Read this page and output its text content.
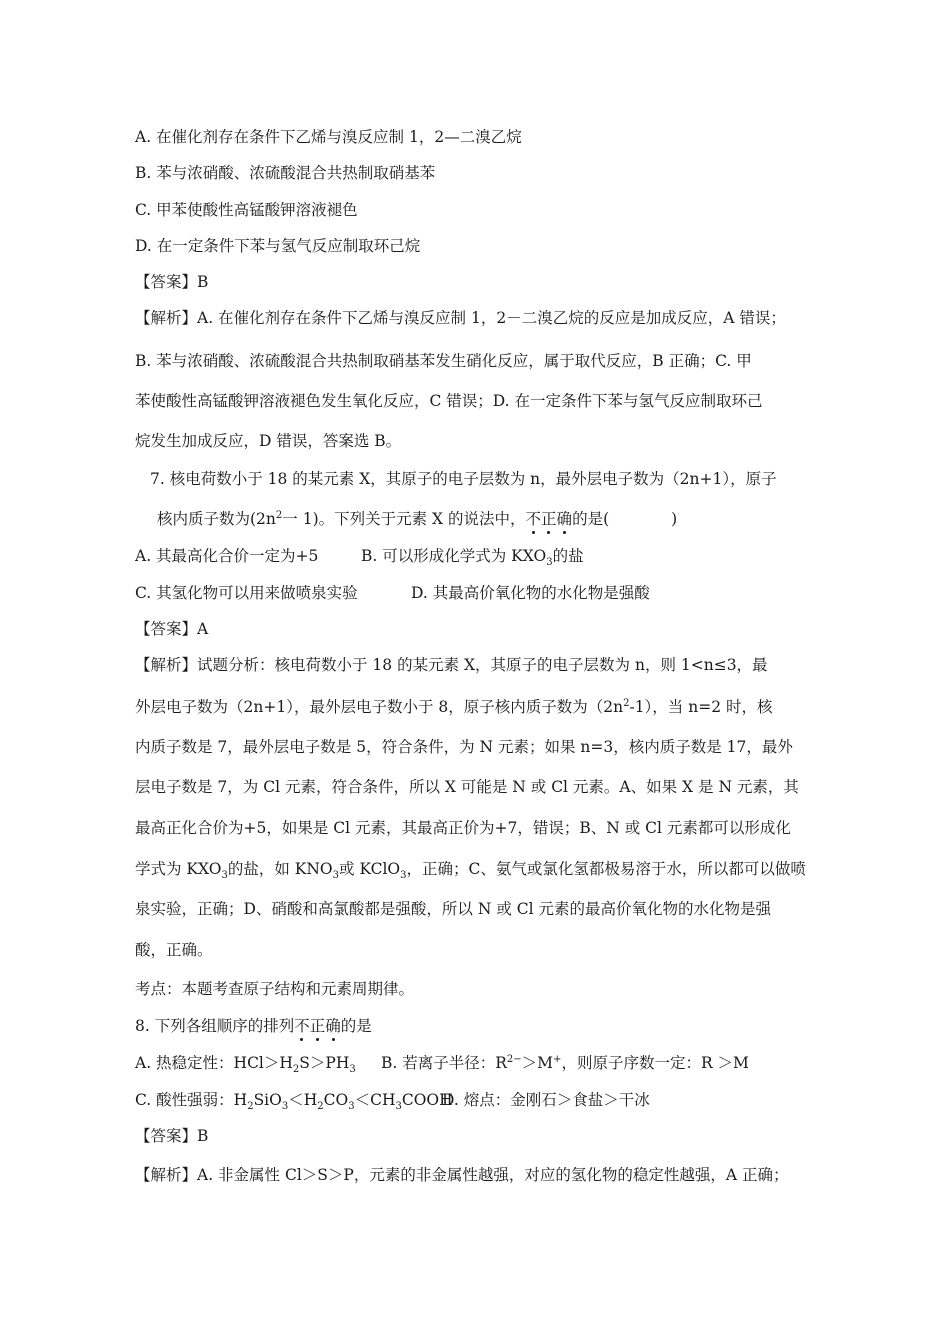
A. 在催化剂存在条件下乙烯与溴反应制 1，2—二溴乙烷
B. 苯与浓硝酸、浓硫酸混合共热制取硝基苯
C. 甲苯使酸性高锰酸钾溶液褪色
D. 在一定条件下苯与氢气反应制取环己烷
【答案】B
【解析】A. 在催化剂存在条件下乙烯与溴反应制 1，2－二溴乙烷的反应是加成反应，A 错误；
B. 苯与浓硝酸、浓硫酸混合共热制取硝基苯发生硝化反应，属于取代反应，B 正确；C. 甲
苯使酸性高锰酸钾溶液褪色发生氧化反应，C 错误；D. 在一定条件下苯与氢气反应制取环己
烷发生加成反应，D 错误，答案选 B。
7. 核电荷数小于 18 的某元素 X，其原子的电子层数为 n，最外层电子数为（2n+1），原子
核内质子数为($2n^2$一 1)。下列关于元素 X 的说法中，不正确的是(　　　　)
A. 其最高化合价一定为+5	B. 可以形成化学式为 $KXO_3$的盐
C. 其氢化物可以用来做喷泉实验	D. 其最高价氧化物的水化物是强酸
【答案】A
【解析】试题分析：核电荷数小于 18 的某元素 X，其原子的电子层数为 n，则 1<n≤3，最
外层电子数为（2n+1），最外层电子数小于 8，原子核内质子数为$(2n^2-1)$，当 n=2 时，核
内质子数是 7，最外层电子数是 5，符合条件，为 N 元素；如果 n=3，核内质子数是 17，最外
层电子数是 7，为 Cl 元素，符合条件，所以 X 可能是 N 或 Cl 元素。A、如果 X 是 N 元素，其
最高正化合价为+5，如果是 Cl 元素，其最高正价为+7，错误；B、N 或 Cl 元素都可以形成化
学式为 $KXO_3$的盐，如 $KNO_3$或 KClO$_3$，正确；C、氨气或氯化氢都极易溶于水，所以都可以做喷
泉实验，正确；D、硝酸和高氯酸都是强酸，所以 N 或 Cl 元素的最高价氧化物的水化物是强
酸，正确。
考点：本题考查原子结构和元素周期律。
8. 下列各组顺序的排列不正确的是
A. 热稳定性：$HCl>H_2S>PH_3$ B. 若离子半径：$R^{2-}>M^+$，则原子序数一定：R ＞M
C. 酸性强弱：$H_2SiO_3<H_2CO_3<CH_3COOH$
D. 熔点：金刚石＞食盐＞干冰
【答案】B
【解析】A. 非金属性 Cl＞S＞P，元素的非金属性越强，对应的氢化物的稳定性越强，A 正确；
